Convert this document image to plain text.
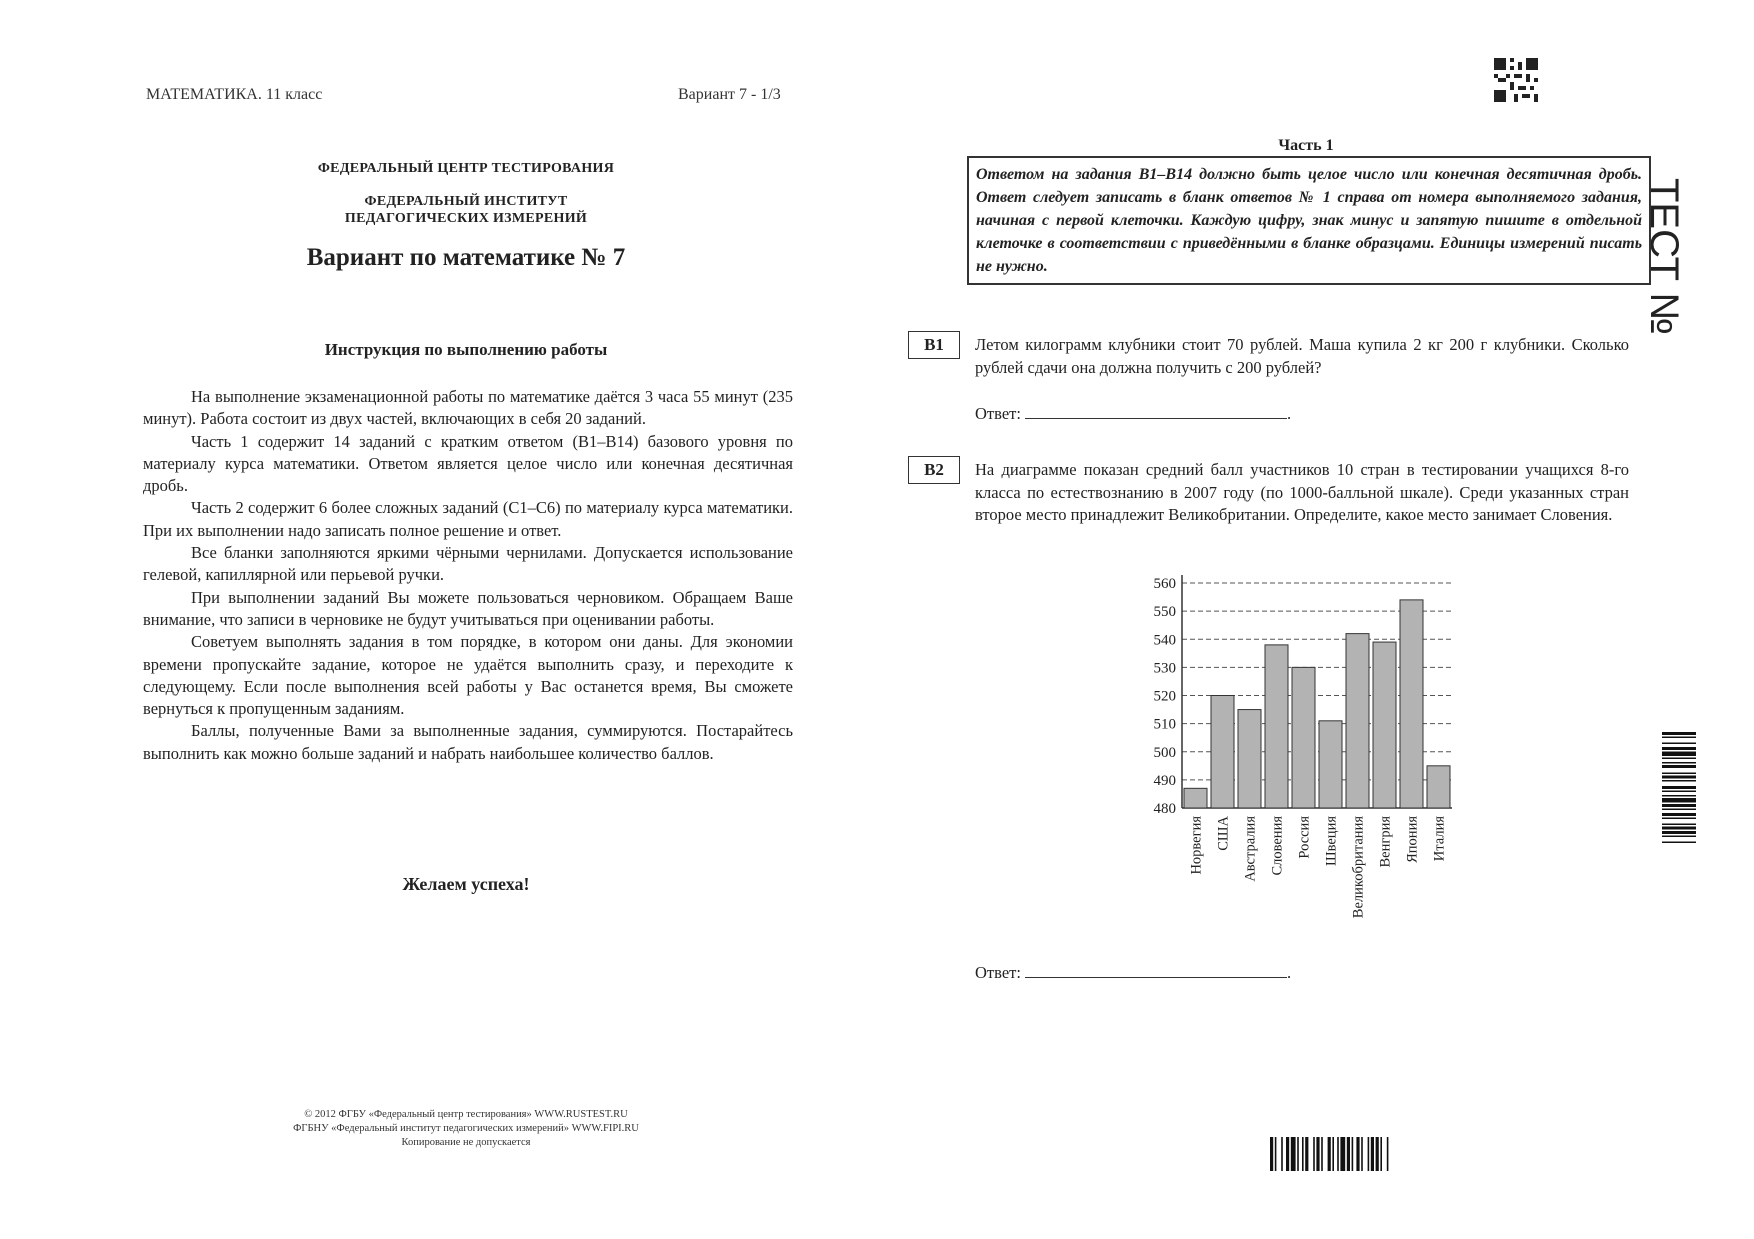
МАТЕМАТИКА. 11 класс	Вариант 7 - 1/3
ФЕДЕРАЛЬНЫЙ ЦЕНТР ТЕСТИРОВАНИЯ
ФЕДЕРАЛЬНЫЙ ИНСТИТУТ
ПЕДАГОГИЧЕСКИХ ИЗМЕРЕНИЙ
Вариант по математике № 7
Инструкция по выполнению работы

На выполнение экзаменационной работы по математике даётся 3 часа 55 минут (235 минут). Работа состоит из двух частей, включающих в себя 20 заданий.

Часть 1 содержит 14 заданий с кратким ответом (В1–В14) базового уровня по материалу курса математики. Ответом является целое число или конечная десятичная дробь.

Часть 2 содержит 6 более сложных заданий (С1–С6) по материалу курса математики. При их выполнении надо записать полное решение и ответ.

Все бланки заполняются яркими чёрными чернилами. Допускается использование гелевой, капиллярной или перьевой ручки.

При выполнении заданий Вы можете пользоваться черновиком. Обращаем Ваше внимание, что записи в черновике не будут учитываться при оценивании работы.

Советуем выполнять задания в том порядке, в котором они даны. Для экономии времени пропускайте задание, которое не удаётся выполнить сразу, и переходите к следующему. Если после выполнения всей работы у Вас останется время, Вы сможете вернуться к пропущенным заданиям.

Баллы, полученные Вами за выполненные задания, суммируются. Постарайтесь выполнить как можно больше заданий и набрать наибольшее количество баллов.

Желаем успеха!
© 2012 ФГБУ «Федеральный центр тестирования» WWW.RUSTEST.RU
ФГБНУ «Федеральный институт педагогических измерений» WWW.FIPI.RU
Копирование не допускается
ТЕСТ №
Часть 1
Ответом на задания В1–В14 должно быть целое число или конечная десятичная дробь. Ответ следует записать в бланк ответов № 1 справа от номера выполняемого задания, начиная с первой клеточки. Каждую цифру, знак минус и запятую пишите в отдельной клеточке в соответствии с приведёнными в бланке образцами. Единицы измерений писать не нужно.
В1	Летом килограмм клубники стоит 70 рублей. Маша купила 2 кг 200 г клубники. Сколько рублей сдачи она должна получить с 200 рублей?
Ответ:	.
В2	На диаграмме показан средний балл участников 10 стран в тестировании учащихся 8-го класса по естествознанию в 2007 году (по 1000-балльной шкале). Среди указанных стран второе место принадлежит Великобритании. Определите, какое место занимает Словения.
480
490
500
510
520
530
540
550
560
Норвегия США Австралия Словения Россия Швеция Великобритания Венгрия Япония Италия
Ответ:	.
